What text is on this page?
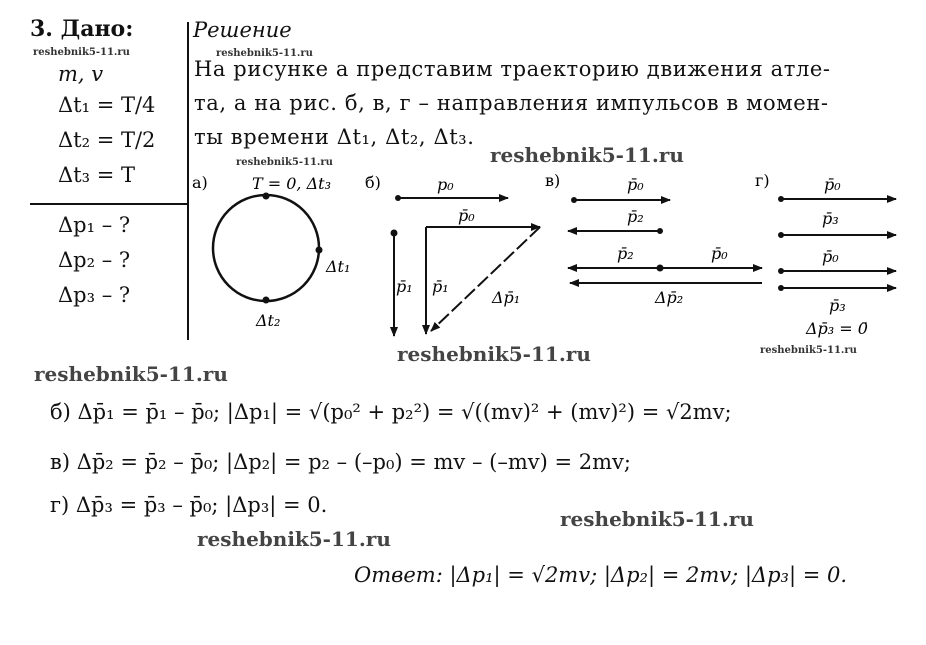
3. Дано:
m, v
Δt₁ = T/4
Δt₂ = T/2
Δt₃ = T
Δp₁ – ?
Δp₂ – ?
Δp₃ – ?
Решение
На рисунке а представим траекторию движения атле-
та, а на рис. б, в, г – направления импульсов в момен-
ты времени Δt₁, Δt₂, Δt₃.
reshebnik5-11.ru	reshebnik5-11.ru
reshebnik5-11.ru	reshebnik5-11.ru
reshebnik5-11.ru	reshebnik5-11.ru
reshebnik5-11.ru
reshebnik5-11.ru
reshebnik5-11.ru
а)	T = 0, Δt₃
Δt₁
Δt₂
б)	p₀
p̄₁
p̄₀
p̄₁
Δp̄₁
в)	p̄₀
p̄₂
p̄₂	p̄₀
Δp̄₂
г)	p̄₀
p̄₃
p̄₀
p̄₃
Δp̄₃ = 0̄
б) Δp̄₁ = p̄₁ – p̄₀; |Δp₁| = √(p₀² + p₂²) = √((mv)² + (mv)²) = √2mv;
в) Δp̄₂ = p̄₂ – p̄₀; |Δp₂| = p₂ – (–p₀) = mv – (–mv) = 2mv;
г) Δp̄₃ = p̄₃ – p̄₀; |Δp₃| = 0.
Ответ: |Δp₁| = √2mv; |Δp₂| = 2mv; |Δp₃| = 0.
